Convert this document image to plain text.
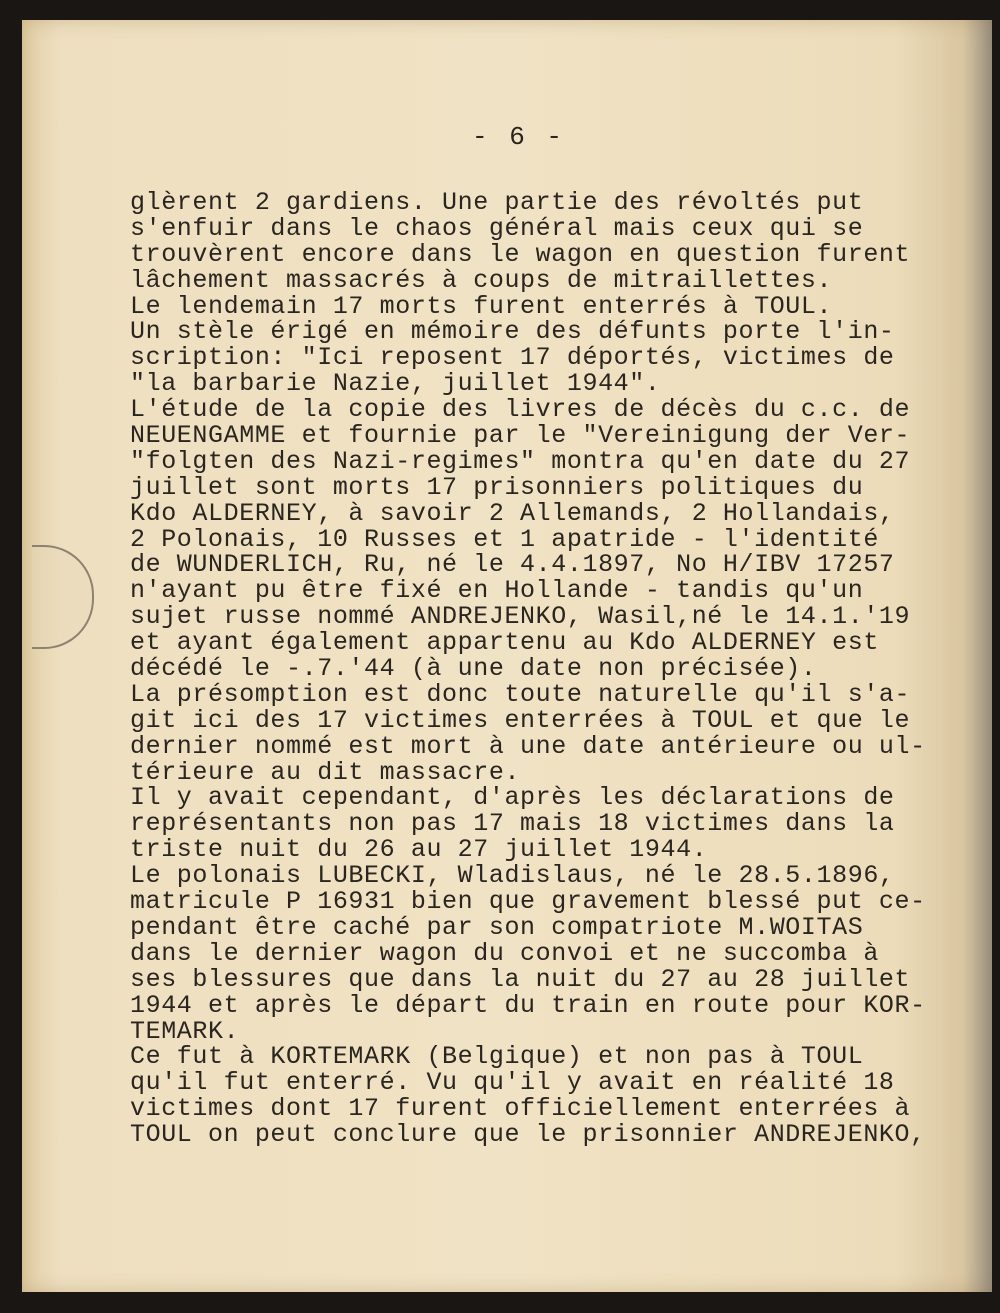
- 6 -
glèrent 2 gardiens. Une partie des révoltés put
s'enfuir dans le chaos général mais ceux qui se
trouvèrent encore dans le wagon en question furent
lâchement massacrés à coups de mitraillettes.
Le lendemain 17 morts furent enterrés à TOUL.
Un stèle érigé en mémoire des défunts porte l'in-
scription: "Ici reposent 17 déportés, victimes de
"la barbarie Nazie, juillet 1944".
L'étude de la copie des livres de décès du c.c. de
NEUENGAMME et fournie par le "Vereinigung der Ver-
"folgten des Nazi-regimes" montra qu'en date du 27
juillet sont morts 17 prisonniers politiques du
Kdo ALDERNEY, à savoir 2 Allemands, 2 Hollandais,
2 Polonais, 10 Russes et 1 apatride - l'identité
de WUNDERLICH, Ru, né le 4.4.1897, No H/IBV 17257
n'ayant pu être fixé en Hollande - tandis qu'un
sujet russe nommé ANDREJENKO, Wasil,né le 14.1.'19
et ayant également appartenu au Kdo ALDERNEY est
décédé le -.7.'44 (à une date non précisée).
La présomption est donc toute naturelle qu'il s'a-
git ici des 17 victimes enterrées à TOUL et que le
dernier nommé est mort à une date antérieure ou ul-
térieure au dit massacre.
Il y avait cependant, d'après les déclarations de
représentants non pas 17 mais 18 victimes dans la
triste nuit du 26 au 27 juillet 1944.
Le polonais LUBECKI, Wladislaus, né le 28.5.1896,
matricule P 16931 bien que gravement blessé put ce-
pendant être caché par son compatriote M.WOITAS
dans le dernier wagon du convoi et ne succomba à
ses blessures que dans la nuit du 27 au 28 juillet
1944 et après le départ du train en route pour KOR-
TEMARK.
Ce fut à KORTEMARK (Belgique) et non pas à TOUL
qu'il fut enterré. Vu qu'il y avait en réalité 18
victimes dont 17 furent officiellement enterrées à
TOUL on peut conclure que le prisonnier ANDREJENKO,
